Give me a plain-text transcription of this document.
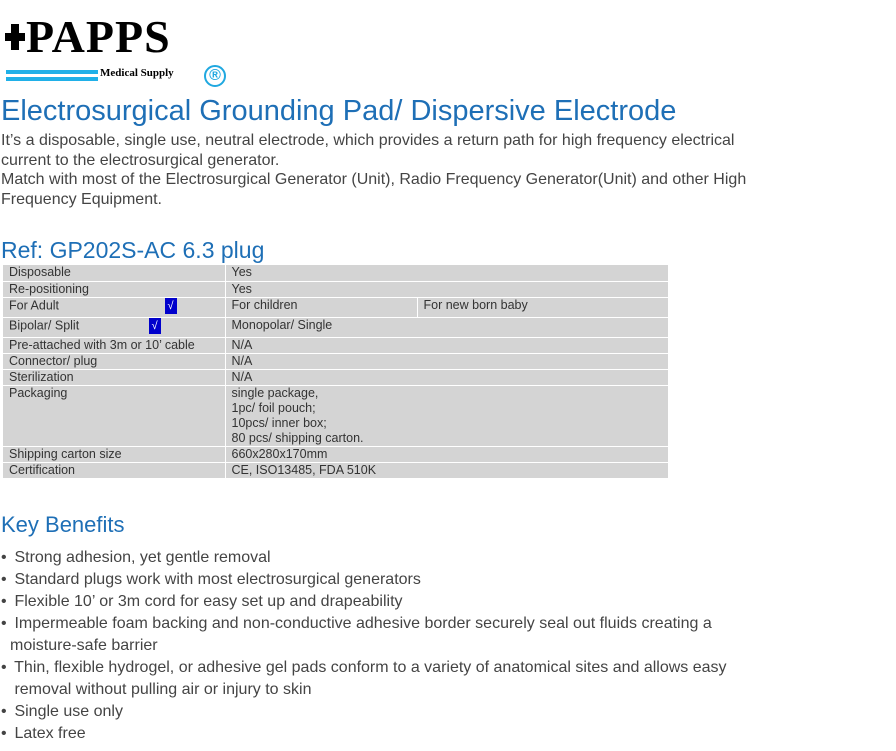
PAPPS
Medical Supply	®
Electrosurgical Grounding Pad/ Dispersive Electrode

It’s a disposable, single use, neutral electrode, which provides a return path for high frequency electrical current to the electrosurgical generator.

Match with most of the Electrosurgical Generator (Unit), Radio Frequency Generator(Unit) and other High Frequency Equipment.

Ref: GP202S-AC 6.3 plug
Disposable	Yes	
Re-positioning	Yes	
For Adult √	For children	For new born baby
Bipolar/ Split √	Monopolar/ Single	
Pre-attached with 3m or 10’ cable	N/A	
Connector/ plug	N/A	
Sterilization	N/A	
Packaging	single package,
1pc/ foil pouch;
10pcs/ inner box;
80 pcs/ shipping carton.	

Shipping carton size	660x280x170mm	
Certification	CE, ISO13485, FDA 510K	
Key Benefits
• Strong adhesion, yet gentle removal
• Standard plugs work with most electrosurgical generators
• Flexible 10’ or 3m cord for easy set up and drapeability
• Impermeable foam backing and non-conductive adhesive border securely seal out fluids creating a
moisture-safe barrier
• Thin, flexible hydrogel, or adhesive gel pads conform to a variety of anatomical sites and allows easy
removal without pulling air or injury to skin
• Single use only
• Latex free
